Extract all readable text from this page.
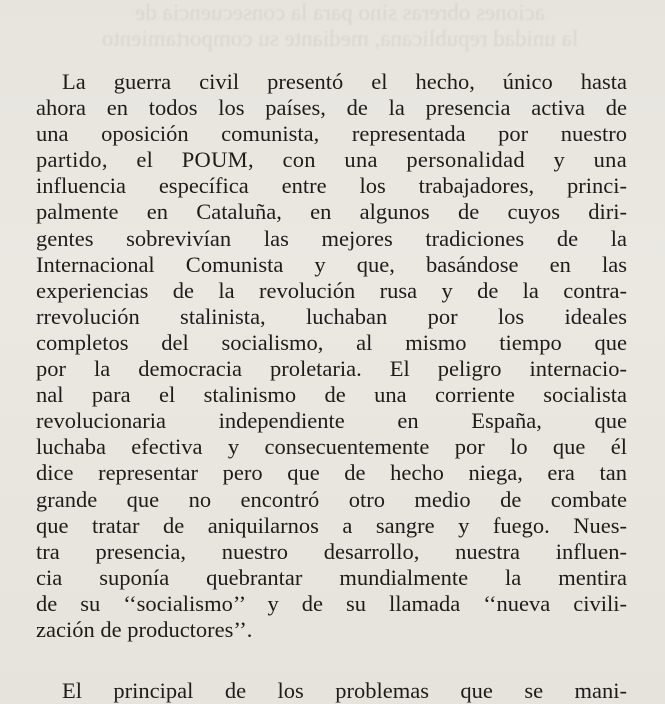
aciones obreras sino para la consecuencia de
la unidad republicana, mediante su comportamiento
La guerra civil presentó el hecho, único hasta
ahora en todos los países, de la presencia activa de
una oposición comunista, representada por nuestro
partido, el POUM, con una personalidad y una
influencia específica entre los trabajadores, princi-
palmente en Cataluña, en algunos de cuyos diri-
gentes sobrevivían las mejores tradiciones de la
Internacional Comunista y que, basándose en las
experiencias de la revolución rusa y de la contra-
rrevolución stalinista, luchaban por los ideales
completos del socialismo, al mismo tiempo que
por la democracia proletaria. El peligro internacio-
nal para el stalinismo de una corriente socialista
revolucionaria independiente en España, que
luchaba efectiva y consecuentemente por lo que él
dice representar pero que de hecho niega, era tan
grande que no encontró otro medio de combate
que tratar de aniquilarnos a sangre y fuego. Nues-
tra presencia, nuestro desarrollo, nuestra influen-
cia suponía quebrantar mundialmente la mentira
de su ‘‘socialismo’’ y de su llamada ‘‘nueva civili-
zación de productores’’.
El principal de los problemas que se mani-
